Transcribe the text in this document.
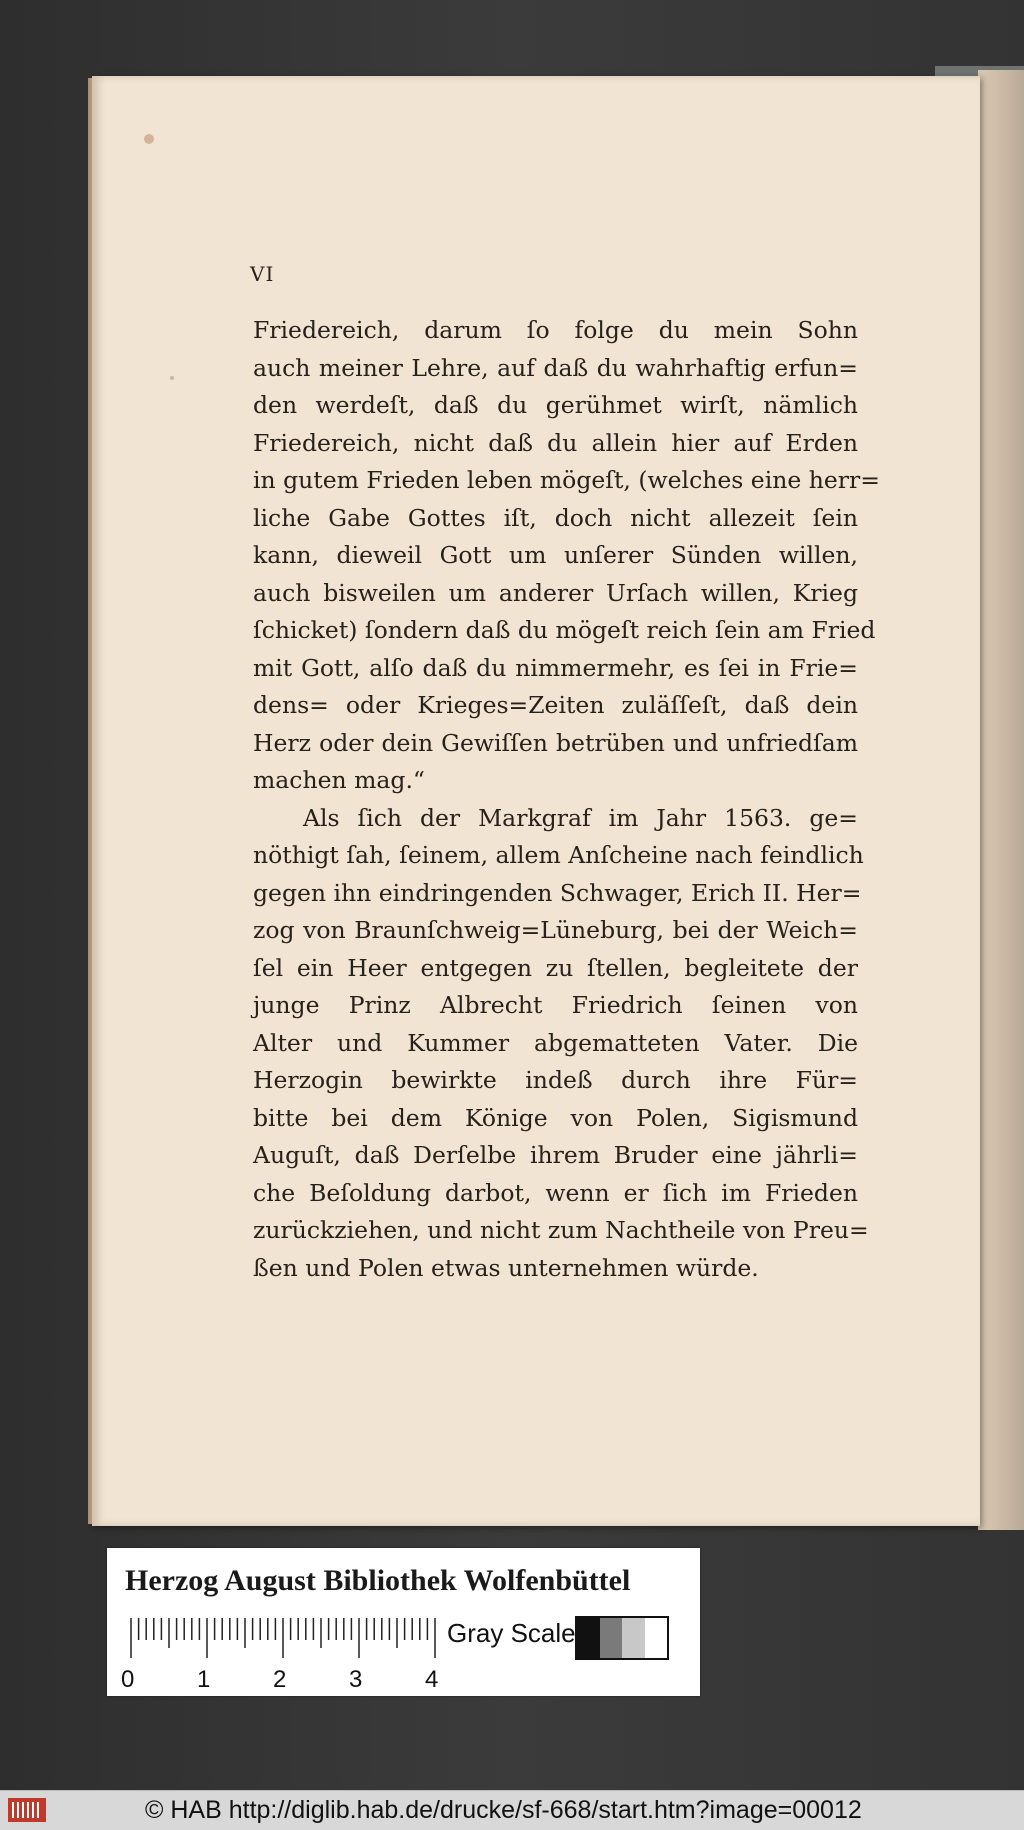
VI
Friedereich, darum ſo folge du mein Sohn
auch meiner Lehre, auf daß du wahrhaftig erfun=
den werdeſt, daß du gerühmet wirſt, nämlich
Friedereich, nicht daß du allein hier auf Erden
in gutem Frieden leben mögeſt, (welches eine herr=
liche Gabe Gottes iſt, doch nicht allezeit ſein
kann, dieweil Gott um unſerer Sünden willen,
auch bisweilen um anderer Urſach willen, Krieg
ſchicket) ſondern daß du mögeſt reich ſein am Fried
mit Gott, alſo daß du nimmermehr, es ſei in Frie=
dens= oder Krieges=Zeiten zuläſſeſt, daß dein
Herz oder dein Gewiſſen betrüben und unfriedſam
machen mag.“
Als ſich der Markgraf im Jahr 1563. ge=
nöthigt ſah, ſeinem, allem Anſcheine nach feindlich
gegen ihn eindringenden Schwager, Erich II. Her=
zog von Braunſchweig=Lüneburg, bei der Weich=
ſel ein Heer entgegen zu ſtellen, begleitete der
junge Prinz Albrecht Friedrich ſeinen von
Alter und Kummer abgematteten Vater. Die
Herzogin bewirkte indeß durch ihre Für=
bitte bei dem Könige von Polen, Sigismund
Auguſt, daß Derſelbe ihrem Bruder eine jährli=
che Beſoldung darbot, wenn er ſich im Frieden
zurückziehen, und nicht zum Nachtheile von Preu=
ßen und Polen etwas unternehmen würde.
Herzog August Bibliothek Wolfenbüttel
0	1	2	3	4
Gray Scale
© HAB http://diglib.hab.de/drucke/sf-668/start.htm?image=00012
